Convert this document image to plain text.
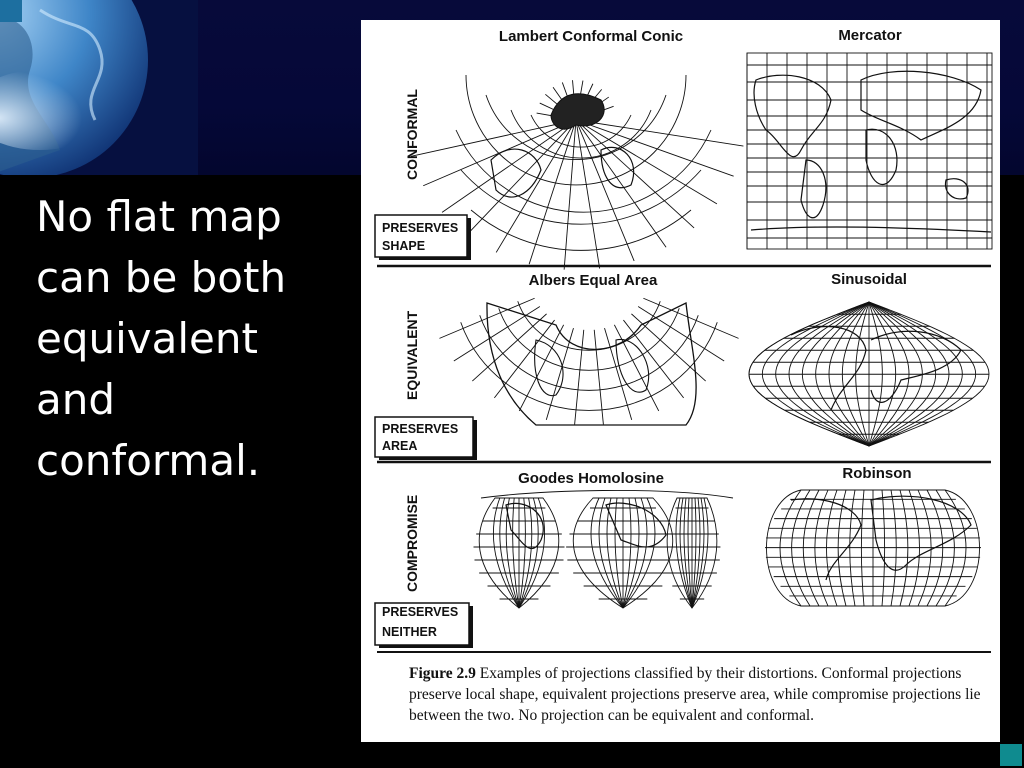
No flat map
can be both
equivalent
and
conformal.
CONFORMAL
PRESERVES
SHAPE
Lambert Conformal Conic	Mercator
EQUIVALENT
PRESERVES
AREA
Albers Equal Area	Sinusoidal
COMPROMISE
PRESERVES
NEITHER
Goodes Homolosine	Robinson
Figure 2.9 Examples of projections classified by their distortions. Conformal projections preserve local shape, equivalent projections preserve area, while compromise projections lie between the two. No projection can be equivalent and conformal.
